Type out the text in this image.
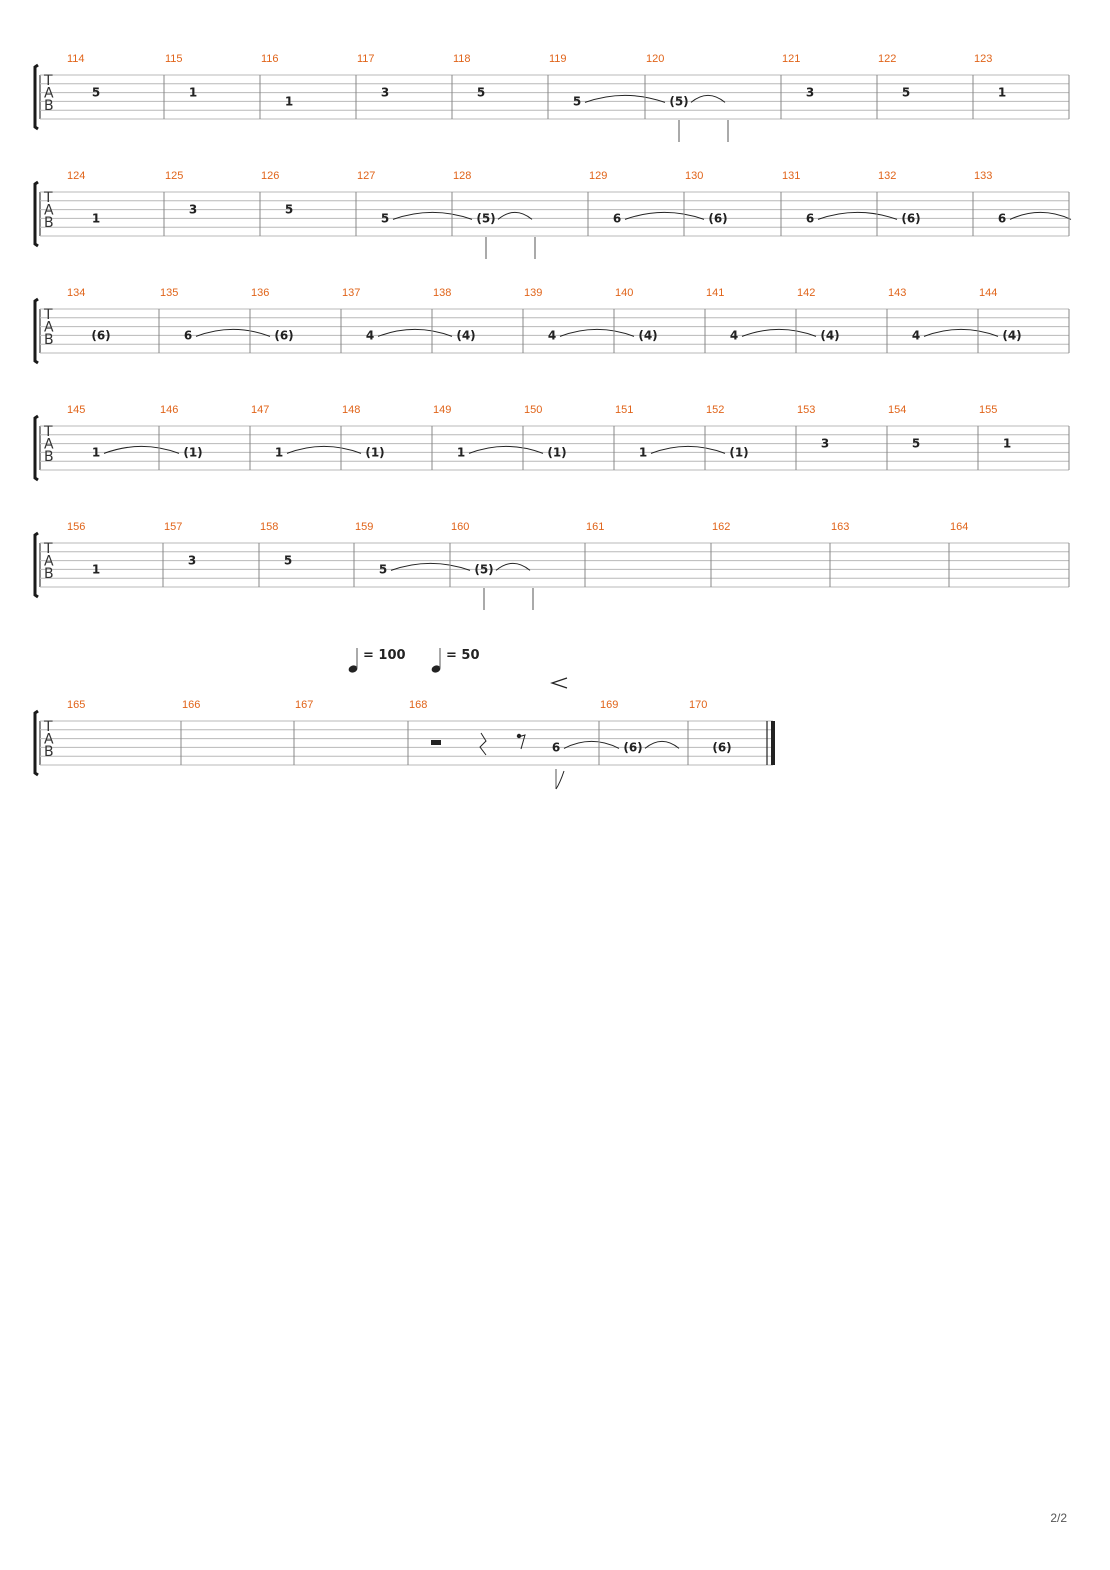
T
A
B
114
5
115
1
116
1
117
3
118
5
119
5
120
(5)
121
3
122
5
123
1
T
A
B
124
1
125
3
126
5
127
5
128
(5)
129
6
130
(6)
131
6
132
(6)
133
6
T
A
B
134
(6)
135
6
136
(6)
137
4
138
(4)
139
4
140
(4)
141
4
142
(4)
143
4
144
(4)
T
A
B
145
1
146
(1)
147
1
148
(1)
149
1
150
(1)
151
1
152
(1)
153
3
154
5
155
1
T
A
B
156
1
157
3
158
5
159
5
160
(5)
161	162	163	164
T
A
B
165	166	167	168
6
169
(6)
170
(6)
= 100	= 50
2/2
